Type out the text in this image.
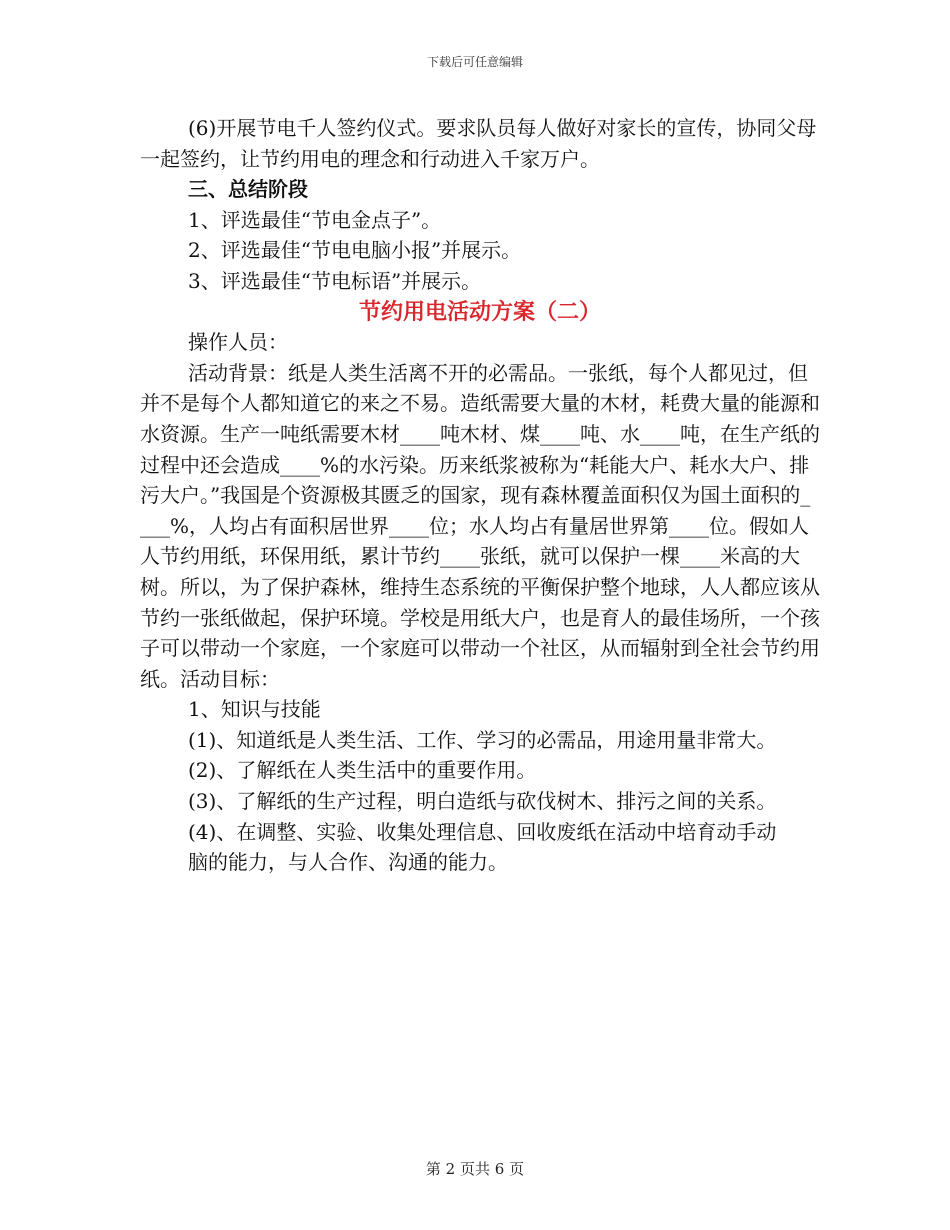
下载后可任意编辑

(6)开展节电千人签约仪式。要求队员每人做好对家长的宣传，协同父母一起签约，让节约用电的理念和行动进入千家万户。

三、总结阶段

1、评选最佳“节电金点子”。

2、评选最佳“节电电脑小报”并展示。

3、评选最佳“节电标语”并展示。

节约用电活动方案（二）

操作人员：

活动背景：纸是人类生活离不开的必需品。一张纸，每个人都见过，但并不是每个人都知道它的来之不易。造纸需要大量的木材，耗费大量的能源和水资源。生产一吨纸需要木材____吨木材、煤____吨、水____吨，在生产纸的过程中还会造成____%的水污染。历来纸浆被称为“耗能大户、耗水大户、排污大户。”我国是个资源极其匮乏的国家，现有森林覆盖面积仅为国土面积的____%，人均占有面积居世界____位；水人均占有量居世界第____位。假如人人节约用纸，环保用纸，累计节约____张纸，就可以保护一棵____米高的大树。所以，为了保护森林，维持生态系统的平衡保护整个地球，人人都应该从节约一张纸做起，保护环境。学校是用纸大户，也是育人的最佳场所，一个孩子可以带动一个家庭，一个家庭可以带动一个社区，从而辐射到全社会节约用纸。活动目标：

1、知识与技能

(1)、知道纸是人类生活、工作、学习的必需品，用途用量非常大。

(2)、了解纸在人类生活中的重要作用。

(3)、了解纸的生产过程，明白造纸与砍伐树木、排污之间的关系。

(4)、在调整、实验、收集处理信息、回收废纸在活动中培育动手动

脑的能力，与人合作、沟通的能力。

第 2 页共 6 页
